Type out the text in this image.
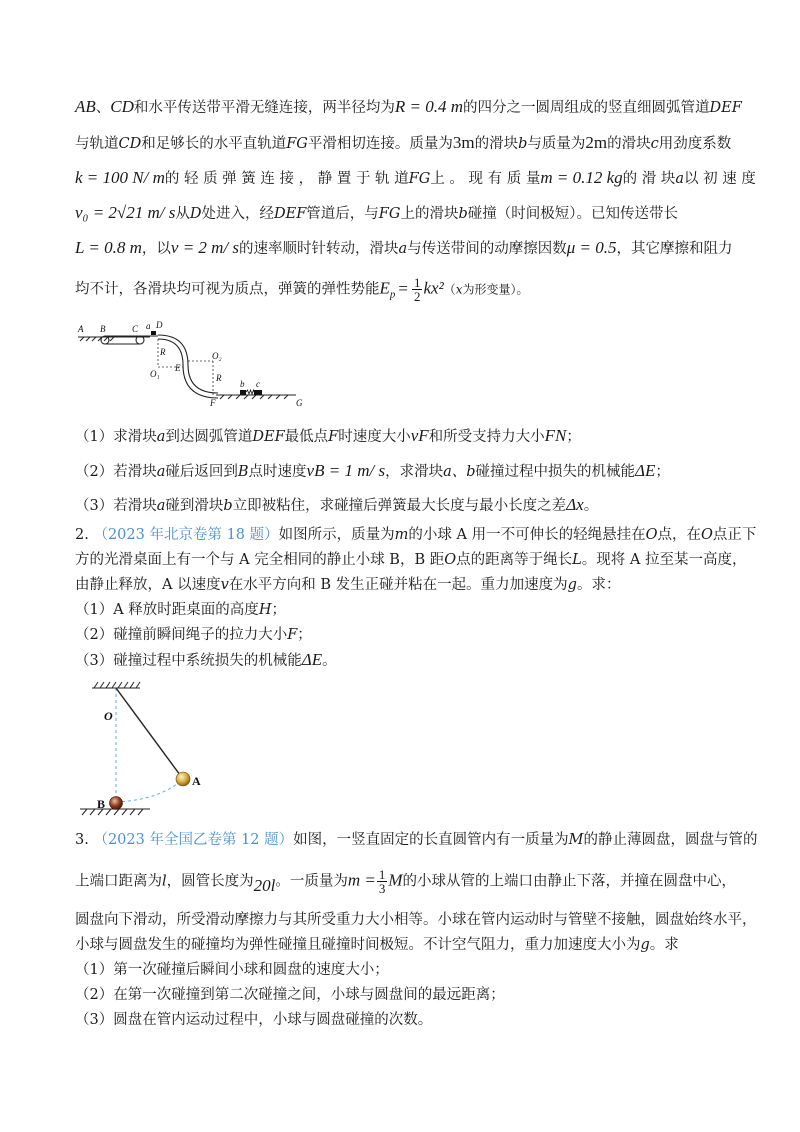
AB、CD和水平传送带平滑无缝连接，两半径均为R = 0.4 m的四分之一圆周组成的竖直细圆弧管道DEF
与轨道CD和足够长的水平直轨道FG平滑相切连接。质量为3m的滑块b与质量为2m的滑块c用劲度系数
k = 100 N/ m的 轻 质 弹 簧 连 接 ， 静 置 于 轨 道FG上 。 现 有 质 量m = 0.12 kg的 滑 块a以 初 速 度
v₀ = 2√21 m/ s从D处进入，经DEF管道后，与FG上的滑块b碰撞（时间极短）。已知传送带长
L = 0.8 m，以v = 2 m/ s的速率顺时针转动，滑块a与传送带间的动摩擦因数μ = 0.5，其它摩擦和阻力
均不计，各滑块均可视为质点，弹簧的弹性势能$E_p = \frac{1}{2} kx^2(x$为形变量）。
A B	C a D
R
O₁
E
O₂
R
b c
F	G
（1）求滑块a到达圆弧管道DEF最低点F时速度大小vF和所受支持力大小FN；
（2）若滑块a碰后返回到B点时速度vB = 1 m/ s，求滑块a、b碰撞过程中损失的机械能ΔE；
（3）若滑块a碰到滑块b立即被粘住，求碰撞后弹簧最大长度与最小长度之差Δx。
2. （2023 年北京卷第 18 题）如图所示，质量为m的小球 A 用一不可伸长的轻绳悬挂在O点，在O点正下
方的光滑桌面上有一个与 A 完全相同的静止小球 B，B 距O点的距离等于绳长L。现将 A 拉至某一高度，
由静止释放，A 以速度v在水平方向和 B 发生正碰并粘在一起。重力加速度为g。求：
（1）A 释放时距桌面的高度H；
（2）碰撞前瞬间绳子的拉力大小F；
（3）碰撞过程中系统损失的机械能ΔE。
O
A
B
3. （2023 年全国乙卷第 12 题）如图，一竖直固定的长直圆管内有一质量为M的静止薄圆盘，圆盘与管的
上端口距离为l，圆管长度为20l。一质量为$m = \frac{1}{3}$ M的小球从管的上端口由静止下落，并撞在圆盘中心，
圆盘向下滑动，所受滑动摩擦力与其所受重力大小相等。小球在管内运动时与管壁不接触，圆盘始终水平，
小球与圆盘发生的碰撞均为弹性碰撞且碰撞时间极短。不计空气阻力，重力加速度大小为g。求
（1）第一次碰撞后瞬间小球和圆盘的速度大小；
（2）在第一次碰撞到第二次碰撞之间，小球与圆盘间的最远距离；
（3）圆盘在管内运动过程中，小球与圆盘碰撞的次数。
